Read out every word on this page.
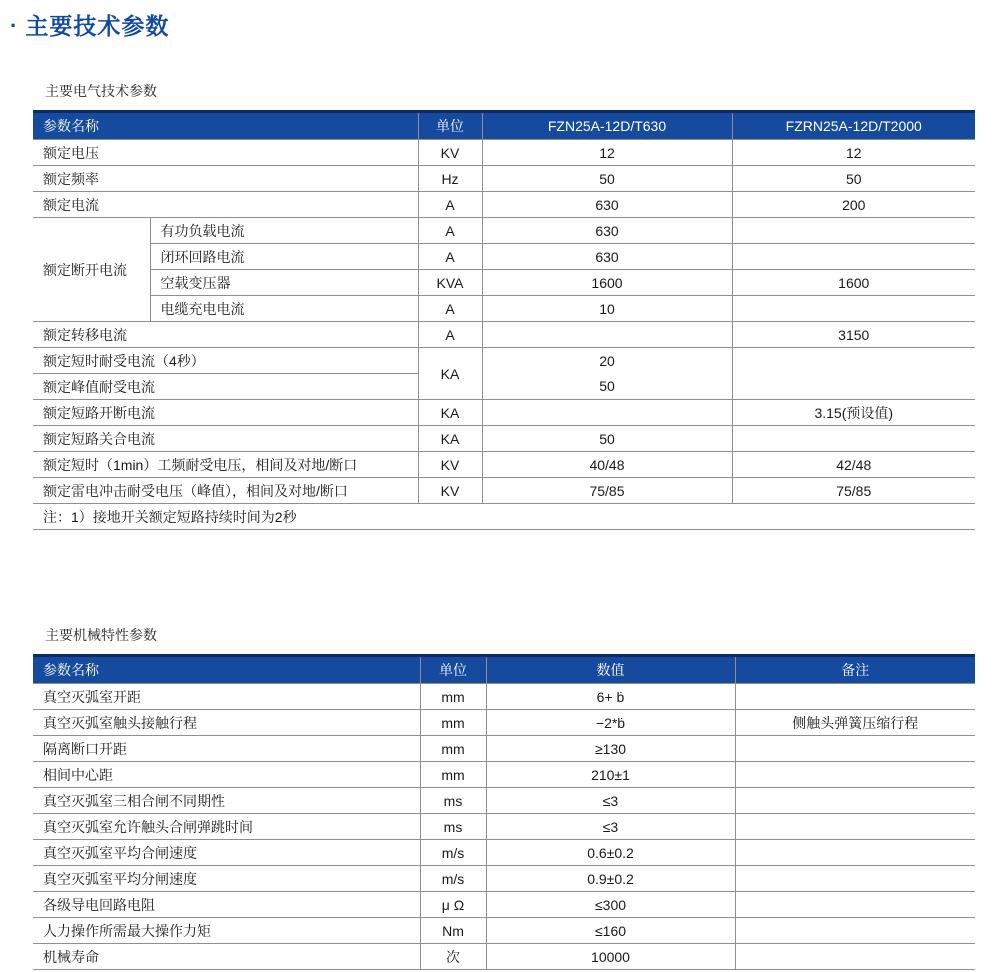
· 主要技术参数
主要电气技术参数
参数名称		单位	FZN25A-12D/T630	FZRN25A-12D/T2000
额定电压		KV	12	12
额定频率		Hz	50	50
额定电流		A	630	200
额定断开电流	有功负载电流	A	630	
	闭环回路电流	A	630	
	空载变压器	KVA	1600	1600
	电缆充电电流	A	10	
额定转移电流		A		3150
额定短时耐受电流（4秒）		KA	20	
额定峰值耐受电流			50	
额定短路开断电流		KA		3.15(预设值)
额定短路关合电流		KA	50	
额定短时（1min）工频耐受电压，相间及对地/断口		KV	40/48	42/48
额定雷电冲击耐受电压（峰值），相间及对地/断口		KV	75/85	75/85
注：1）接地开关额定短路持续时间为2秒				
主要机械特性参数
参数名称	单位	数值	备注
真空灭弧室开距	mm	6+ ḃ	
真空灭弧室触头接触行程	mm	−2*ḃ	侧触头弹簧压缩行程
隔离断口开距	mm	≥130	
相间中心距	mm	210±1	
真空灭弧室三相合闸不同期性	ms	≤3	
真空灭弧室允许触头合闸弹跳时间	ms	≤3	
真空灭弧室平均合闸速度	m/s	0.6±0.2	
真空灭弧室平均分闸速度	m/s	0.9±0.2	
各级导电回路电阻	μ Ω	≤300	
人力操作所需最大操作力矩	Nm	≤160	
机械寿命	次	10000	
